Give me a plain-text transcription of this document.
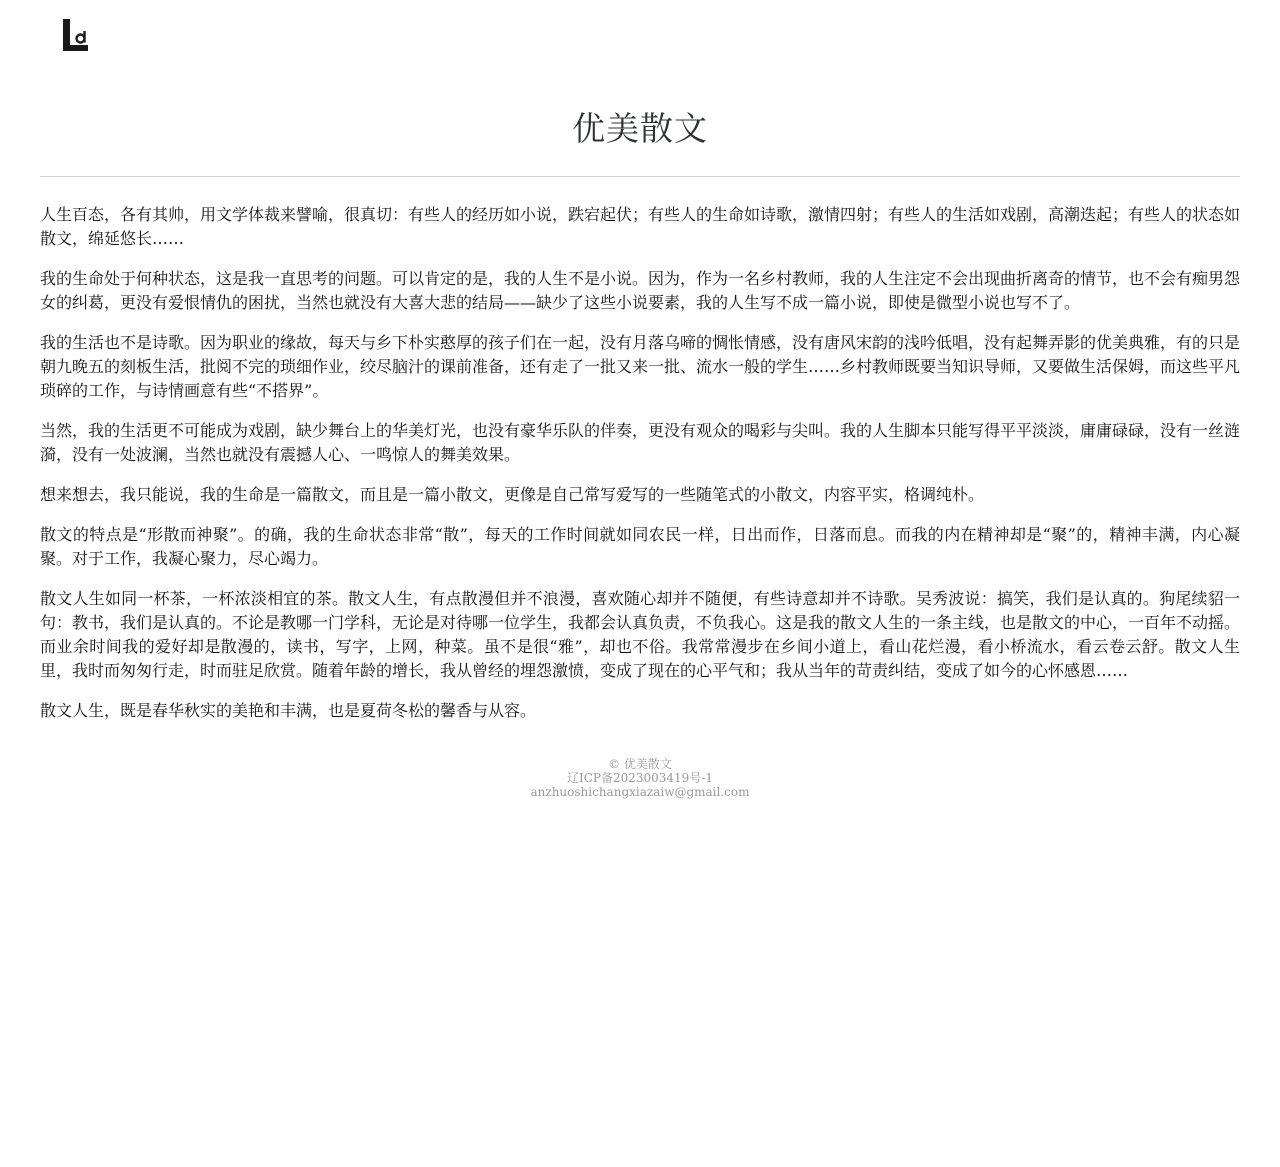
优美散文

人生百态，各有其帅，用文学体裁来譬喻，很真切：有些人的经历如小说，跌宕起伏；有些人的生命如诗歌，激情四射；有些人的生活如戏剧，高潮迭起；有些人的状态如散文，绵延悠长……

我的生命处于何种状态，这是我一直思考的问题。可以肯定的是，我的人生不是小说。因为，作为一名乡村教师，我的人生注定不会出现曲折离奇的情节，也不会有痴男怨女的纠葛，更没有爱恨情仇的困扰，当然也就没有大喜大悲的结局——缺少了这些小说要素，我的人生写不成一篇小说，即使是微型小说也写不了。

我的生活也不是诗歌。因为职业的缘故，每天与乡下朴实憨厚的孩子们在一起，没有月落乌啼的惆怅情感，没有唐风宋韵的浅吟低唱，没有起舞弄影的优美典雅，有的只是朝九晚五的刻板生活，批阅不完的琐细作业，绞尽脑汁的课前准备，还有走了一批又来一批、流水一般的学生……乡村教师既要当知识导师，又要做生活保姆，而这些平凡琐碎的工作，与诗情画意有些“不搭界”。

当然，我的生活更不可能成为戏剧，缺少舞台上的华美灯光，也没有豪华乐队的伴奏，更没有观众的喝彩与尖叫。我的人生脚本只能写得平平淡淡，庸庸碌碌，没有一丝涟漪，没有一处波澜，当然也就没有震撼人心、一鸣惊人的舞美效果。

想来想去，我只能说，我的生命是一篇散文，而且是一篇小散文，更像是自己常写爱写的一些随笔式的小散文，内容平实，格调纯朴。

散文的特点是“形散而神聚”。的确，我的生命状态非常“散”，每天的工作时间就如同农民一样，日出而作，日落而息。而我的内在精神却是“聚”的，精神丰满，内心凝聚。对于工作，我凝心聚力，尽心竭力。

散文人生如同一杯茶，一杯浓淡相宜的茶。散文人生，有点散漫但并不浪漫，喜欢随心却并不随便，有些诗意却并不诗歌。吴秀波说：搞笑，我们是认真的。狗尾续貂一句：教书，我们是认真的。不论是教哪一门学科，无论是对待哪一位学生，我都会认真负责，不负我心。这是我的散文人生的一条主线，也是散文的中心，一百年不动摇。而业余时间我的爱好却是散漫的，读书，写字，上网，种菜。虽不是很“雅”，却也不俗。我常常漫步在乡间小道上，看山花烂漫，看小桥流水，看云卷云舒。散文人生里，我时而匆匆行走，时而驻足欣赏。随着年龄的增长，我从曾经的埋怨激愤，变成了现在的心平气和；我从当年的苛责纠结，变成了如今的心怀感恩……

散文人生，既是春华秋实的美艳和丰满，也是夏荷冬松的馨香与从容。

© 优美散文
辽ICP备2023003419号-1
anzhuoshichangxiazaiw@gmail.com
